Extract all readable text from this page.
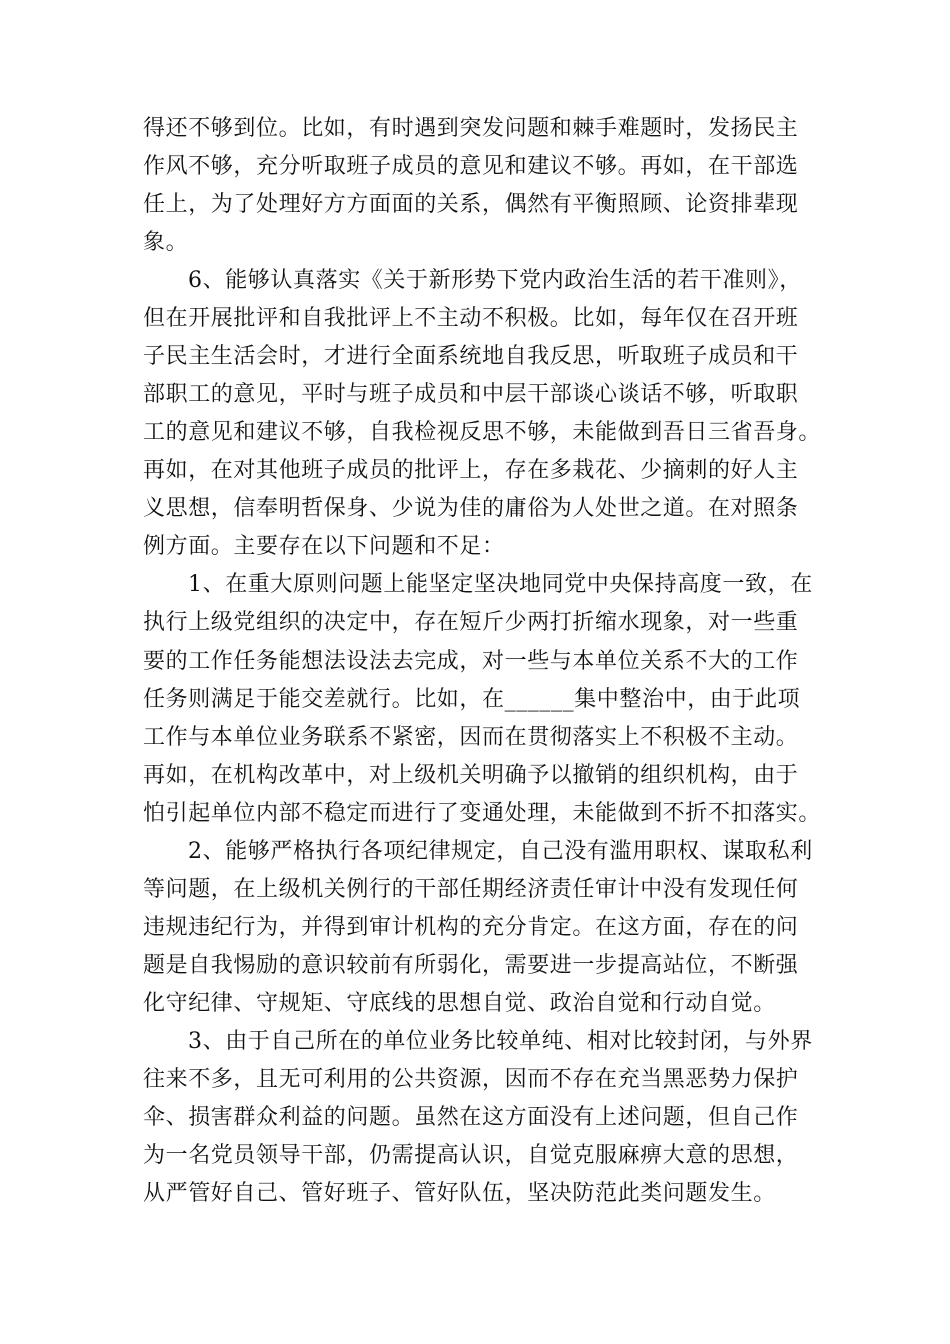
得还不够到位。比如，有时遇到突发问题和棘手难题时，发扬民主
作风不够，充分听取班子成员的意见和建议不够。再如，在干部选
任上，为了处理好方方面面的关系，偶然有平衡照顾、论资排辈现
象。
6、能够认真落实《关于新形势下党内政治生活的若干准则》，
但在开展批评和自我批评上不主动不积极。比如，每年仅在召开班
子民主生活会时，才进行全面系统地自我反思，听取班子成员和干
部职工的意见，平时与班子成员和中层干部谈心谈话不够，听取职
工的意见和建议不够，自我检视反思不够，未能做到吾日三省吾身。
再如，在对其他班子成员的批评上，存在多栽花、少摘刺的好人主
义思想，信奉明哲保身、少说为佳的庸俗为人处世之道。在对照条
例方面。主要存在以下问题和不足：
1、在重大原则问题上能坚定坚决地同党中央保持高度一致，在
执行上级党组织的决定中，存在短斤少两打折缩水现象，对一些重
要的工作任务能想法设法去完成，对一些与本单位关系不大的工作
任务则满足于能交差就行。比如，在______集中整治中，由于此项
工作与本单位业务联系不紧密，因而在贯彻落实上不积极不主动。
再如，在机构改革中，对上级机关明确予以撤销的组织机构，由于
怕引起单位内部不稳定而进行了变通处理，未能做到不折不扣落实。
2、能够严格执行各项纪律规定，自己没有滥用职权、谋取私利
等问题，在上级机关例行的干部任期经济责任审计中没有发现任何
违规违纪行为，并得到审计机构的充分肯定。在这方面，存在的问
题是自我惕励的意识较前有所弱化，需要进一步提高站位，不断强
化守纪律、守规矩、守底线的思想自觉、政治自觉和行动自觉。
3、由于自己所在的单位业务比较单纯、相对比较封闭，与外界
往来不多，且无可利用的公共资源，因而不存在充当黑恶势力保护
伞、损害群众利益的问题。虽然在这方面没有上述问题，但自己作
为一名党员领导干部，仍需提高认识，自觉克服麻痹大意的思想，
从严管好自己、管好班子、管好队伍，坚决防范此类问题发生。
